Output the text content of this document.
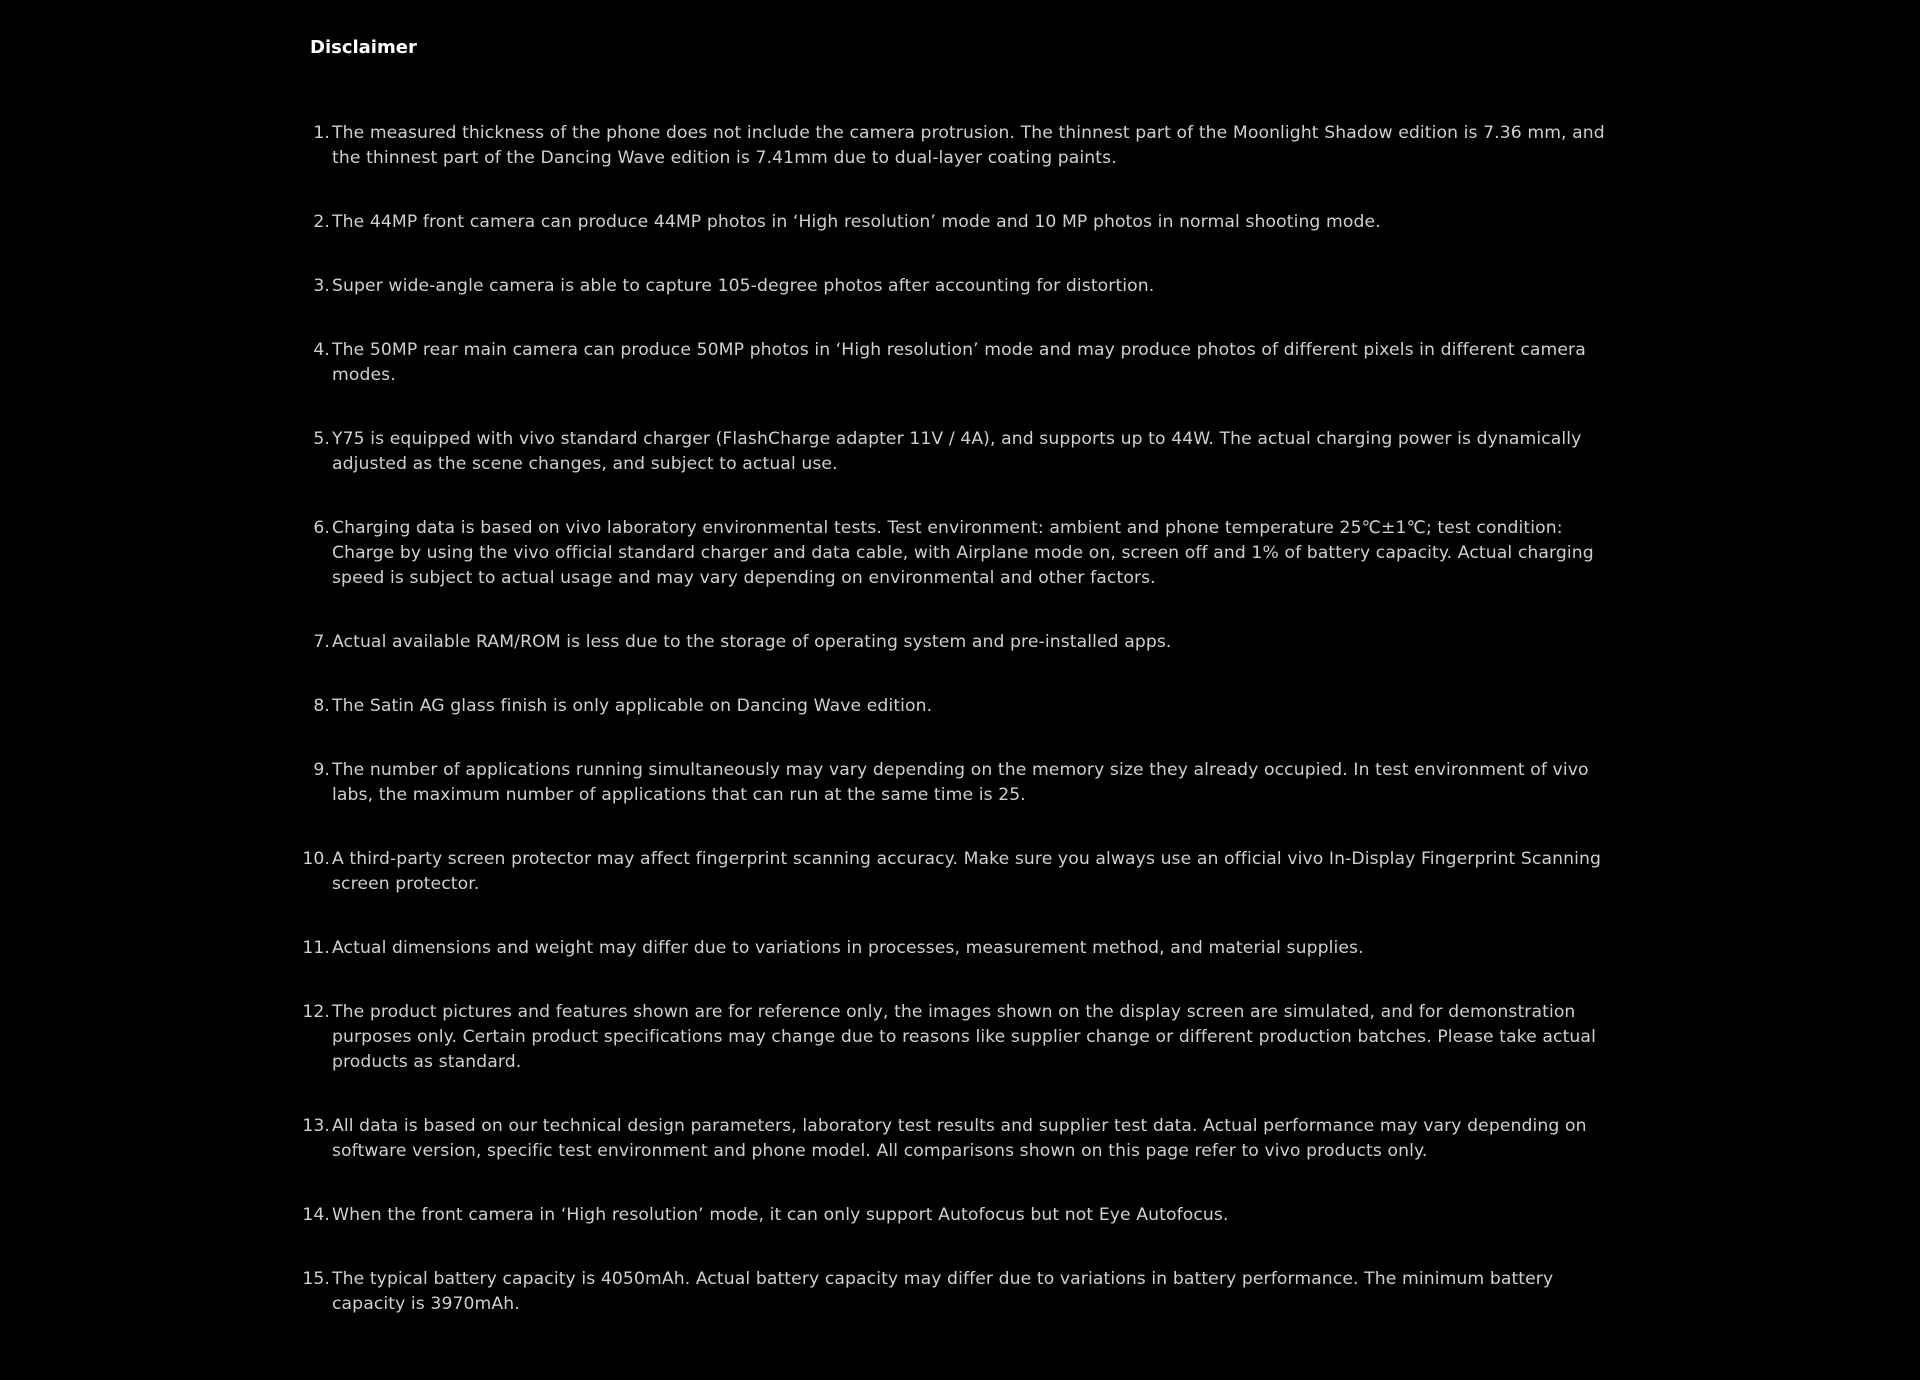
Disclaimer
1. The measured thickness of the phone does not include the camera protrusion. The thinnest part of the Moonlight Shadow edition is 7.36 mm, and the thinnest part of the Dancing Wave edition is 7.41mm due to dual-layer coating paints.
2. The 44MP front camera can produce 44MP photos in ‘High resolution’ mode and 10 MP photos in normal shooting mode.
3. Super wide-angle camera is able to capture 105-degree photos after accounting for distortion.
4. The 50MP rear main camera can produce 50MP photos in ‘High resolution’ mode and may produce photos of different pixels in different camera modes.
5. Y75 is equipped with vivo standard charger (FlashCharge adapter 11V / 4A), and supports up to 44W. The actual charging power is dynamically adjusted as the scene changes, and subject to actual use.
6. Charging data is based on vivo laboratory environmental tests. Test environment: ambient and phone temperature 25℃±1℃; test condition: Charge by using the vivo official standard charger and data cable, with Airplane mode on, screen off and 1% of battery capacity. Actual charging speed is subject to actual usage and may vary depending on environmental and other factors.
7. Actual available RAM/ROM is less due to the storage of operating system and pre-installed apps.
8. The Satin AG glass finish is only applicable on Dancing Wave edition.
9. The number of applications running simultaneously may vary depending on the memory size they already occupied. In test environment of vivo labs, the maximum number of applications that can run at the same time is 25.
10. A third-party screen protector may affect fingerprint scanning accuracy. Make sure you always use an official vivo In-Display Fingerprint Scanning screen protector.
11. Actual dimensions and weight may differ due to variations in processes, measurement method, and material supplies.
12. The product pictures and features shown are for reference only, the images shown on the display screen are simulated, and for demonstration purposes only. Certain product specifications may change due to reasons like supplier change or different production batches. Please take actual products as standard.
13. All data is based on our technical design parameters, laboratory test results and supplier test data. Actual performance may vary depending on software version, specific test environment and phone model. All comparisons shown on this page refer to vivo products only.
14. When the front camera in ‘High resolution’ mode, it can only support Autofocus but not Eye Autofocus.
15. The typical battery capacity is 4050mAh. Actual battery capacity may differ due to variations in battery performance. The minimum battery capacity is 3970mAh.
